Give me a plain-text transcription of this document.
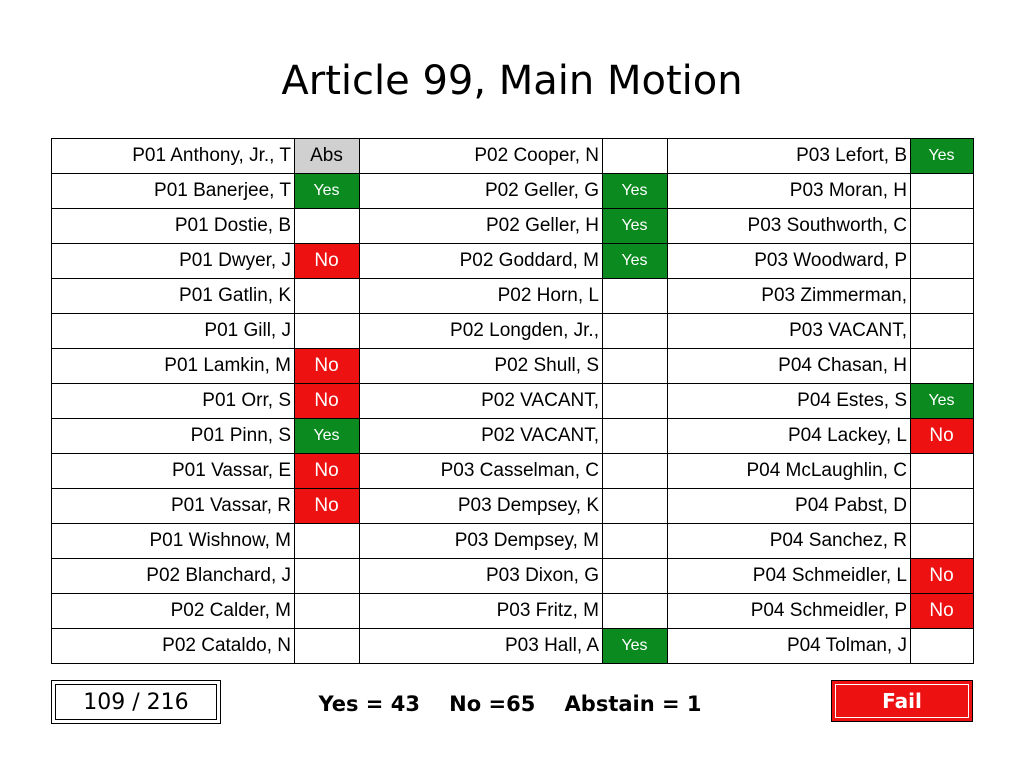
Article 99, Main Motion
P01 Anthony, Jr., T	Abs	P02 Cooper, N		P03 Lefort, B	Yes
P01 Banerjee, T	Yes	P02 Geller, G	Yes	P03 Moran, H	
P01 Dostie, B		P02 Geller, H	Yes	P03 Southworth, C	
P01 Dwyer, J	No	P02 Goddard, M	Yes	P03 Woodward, P	
P01 Gatlin, K		P02 Horn, L		P03 Zimmerman,	
P01 Gill, J		P02 Longden, Jr.,		P03 VACANT,	
P01 Lamkin, M	No	P02 Shull, S		P04 Chasan, H	
P01 Orr, S	No	P02 VACANT,		P04 Estes, S	Yes
P01 Pinn, S	Yes	P02 VACANT,		P04 Lackey, L	No
P01 Vassar, E	No	P03 Casselman, C		P04 McLaughlin, C	
P01 Vassar, R	No	P03 Dempsey, K		P04 Pabst, D	
P01 Wishnow, M		P03 Dempsey, M		P04 Sanchez, R	
P02 Blanchard, J		P03 Dixon, G		P04 Schmeidler, L	No
P02 Calder, M		P03 Fritz, M		P04 Schmeidler, P	No
P02 Cataldo, N		P03 Hall, A	Yes	P04 Tolman, J	
109 / 216	Yes = 43    No =65    Abstain = 1	Fail
